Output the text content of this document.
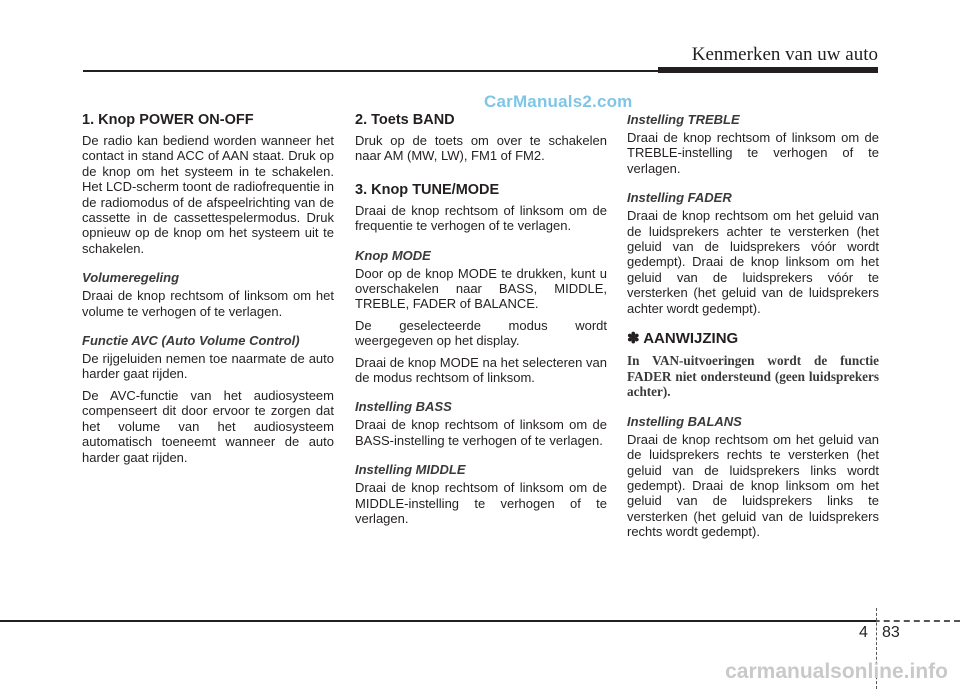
Kenmerken van uw auto
CarManuals2.com
1. Knop POWER ON-OFF

De radio kan bediend worden wanneer het contact in stand ACC of AAN staat. Druk op de knop om het systeem in te schakelen. Het LCD-scherm toont de radiofrequentie in de radiomodus of de afspeelrichting van de cassette in de cassettespelermodus. Druk opnieuw op de knop om het systeem uit te schakelen.

Volumeregeling

Draai de knop rechtsom of linksom om het volume te verhogen of te verlagen.

Functie AVC (Auto Volume Control)

De rijgeluiden nemen toe naarmate de auto harder gaat rijden.

De AVC-functie van het audiosysteem compenseert dit door ervoor te zorgen dat het volume van het audiosysteem automatisch toeneemt wanneer de auto harder gaat rijden.

2. Toets BAND

Druk op de toets om over te schakelen naar AM (MW, LW), FM1 of FM2.

3. Knop TUNE/MODE

Draai de knop rechtsom of linksom om de frequentie te verhogen of te verlagen.

Knop MODE

Door op de knop MODE te drukken, kunt u overschakelen naar BASS, MIDDLE, TREBLE, FADER of BALANCE.

De geselecteerde modus wordt weergegeven op het display.

Draai de knop MODE na het selecteren van de modus rechtsom of linksom.

Instelling BASS

Draai de knop rechtsom of linksom om de BASS-instelling te verhogen of te verlagen.

Instelling MIDDLE

Draai de knop rechtsom of linksom om de MIDDLE-instelling te verhogen of te verlagen.

Instelling TREBLE

Draai de knop rechtsom of linksom om de TREBLE-instelling te verhogen of te verlagen.

Instelling FADER

Draai de knop rechtsom om het geluid van de luidsprekers achter te versterken (het geluid van de luidsprekers vóór wordt gedempt). Draai de knop linksom om het geluid van de luidsprekers vóór te versterken (het geluid van de luidsprekers achter wordt gedempt).

✽ AANWIJZING

In VAN-uitvoeringen wordt de functie FADER niet ondersteund (geen luidsprekers achter).

Instelling BALANS

Draai de knop rechtsom om het geluid van de luidsprekers rechts te versterken (het geluid van de luidsprekers links wordt gedempt). Draai de knop linksom om het geluid van de luidsprekers links te versterken (het geluid van de luidsprekers rechts wordt gedempt).

4 83
carmanualsonline.info
